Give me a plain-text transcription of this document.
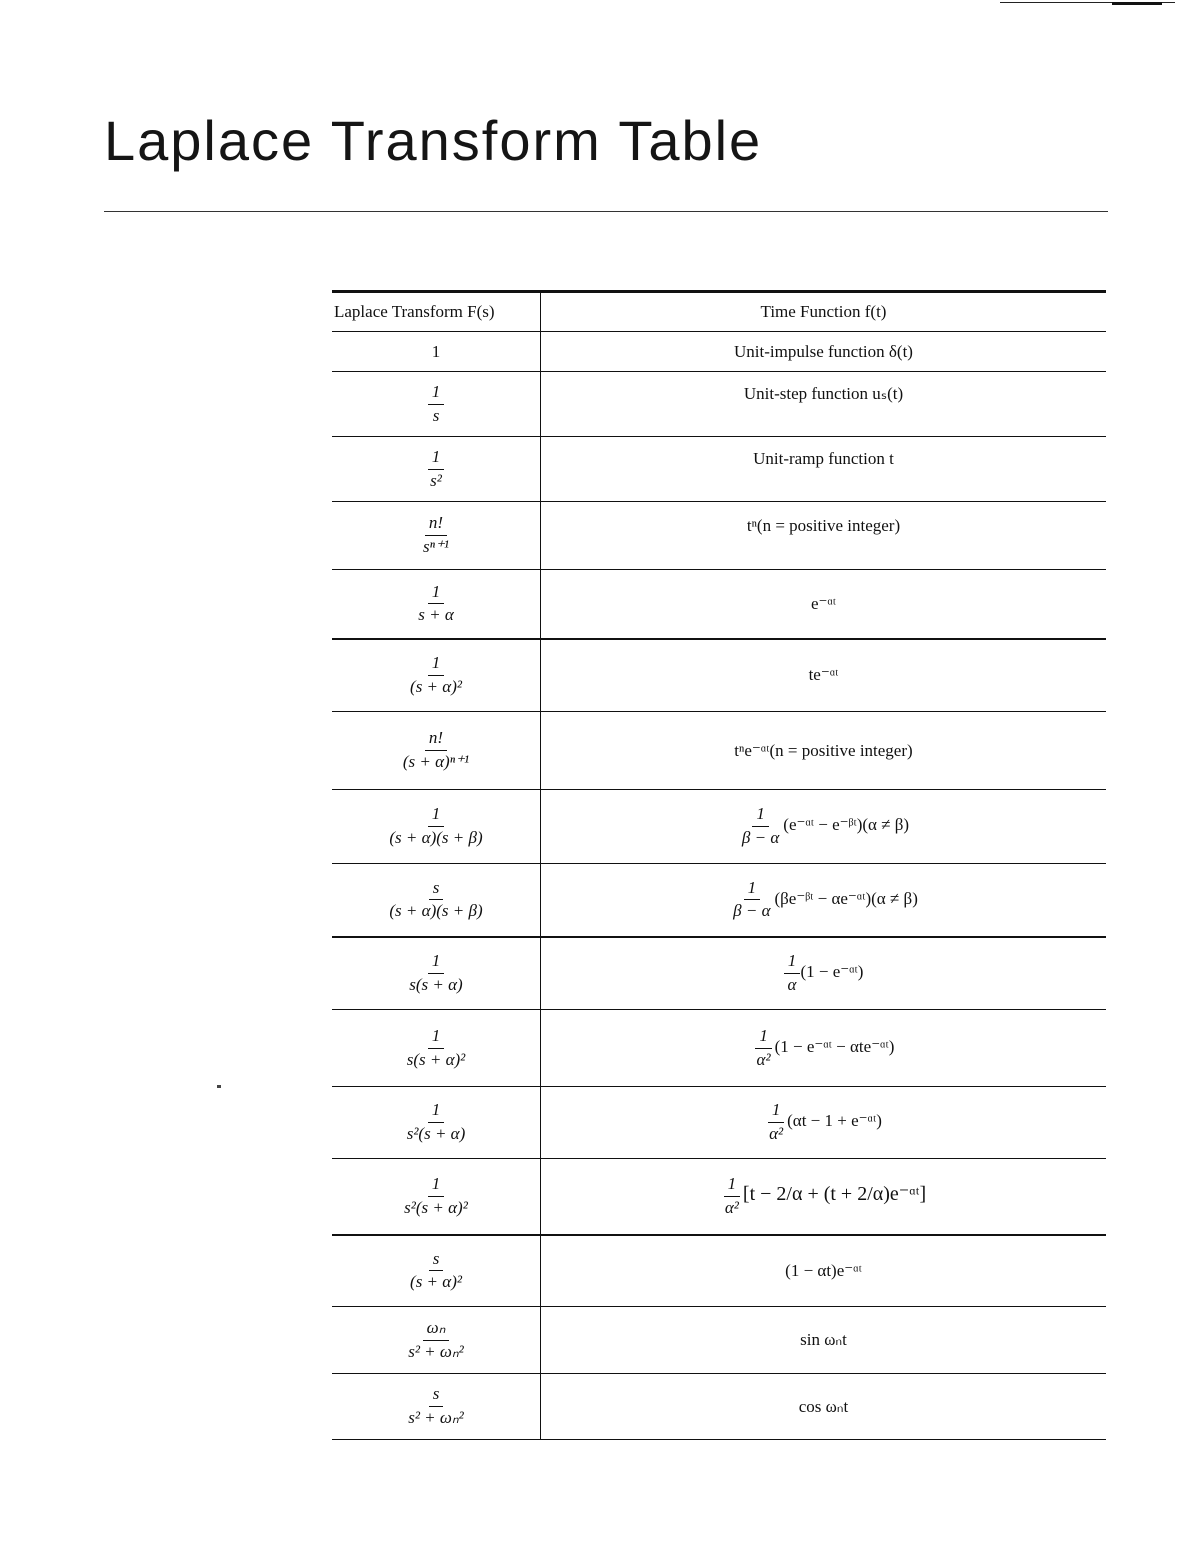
Laplace Transform Table
Laplace Transform F(s)	Time Function f(t)
1	Unit-impulse function δ(t)

$\frac{1}{s}$	Unit-step function uₛ(t)

$\frac{1}{\text{s²}}$	Unit-ramp function t

$\frac{n!}{\text{sⁿ⁺¹}}$	tⁿ(n = positive integer)

$\frac{1}{s + \alpha}$	e⁻ᵅᵗ

$\frac{1}{\text{(s + α)²}}$	te⁻ᵅᵗ

$\frac{n!}{\text{(s + α)ⁿ⁺¹}}$	tⁿe⁻ᵅᵗ(n = positive integer)

$\frac{1}{(s + \alpha)(s + \beta)}$	$\frac{1}{\beta - \alpha}$ (e⁻ᵅᵗ − e⁻ᵝᵗ)(α ≠ β)

$\frac{s}{(s + \alpha)(s + \beta)}$	$\frac{1}{\beta - \alpha}$ (βe⁻ᵝᵗ − αe⁻ᵅᵗ)(α ≠ β)

$\frac{1}{s(s + \alpha)}$	$\frac{1}{\alpha} (1$ − e⁻ᵅᵗ)

$\frac{1}{\text{s(s + α)²}}$	$\frac{1}{\text{α²}} (1$ − e⁻ᵅᵗ − αte⁻ᵅᵗ)

$\frac{1}{\text{s²(s + α)}}$	$\frac{1}{\text{α²}} (\alpha t - 1$ + e⁻ᵅᵗ)

$\frac{1}{\text{s²(s + α)²}}$	$\frac{1}{\text{α²}} [t - 2/\alpha + (t$ + 2/α)e⁻ᵅᵗ]

$\frac{s}{\text{(s + α)²}}$	(1 − αt)e⁻ᵅᵗ

$\frac{\text{ωₙ}}{\text{s² + ωₙ²}}$	sin ωₙt

$\frac{s}{\text{s² + ωₙ²}}$	cos ωₙt
